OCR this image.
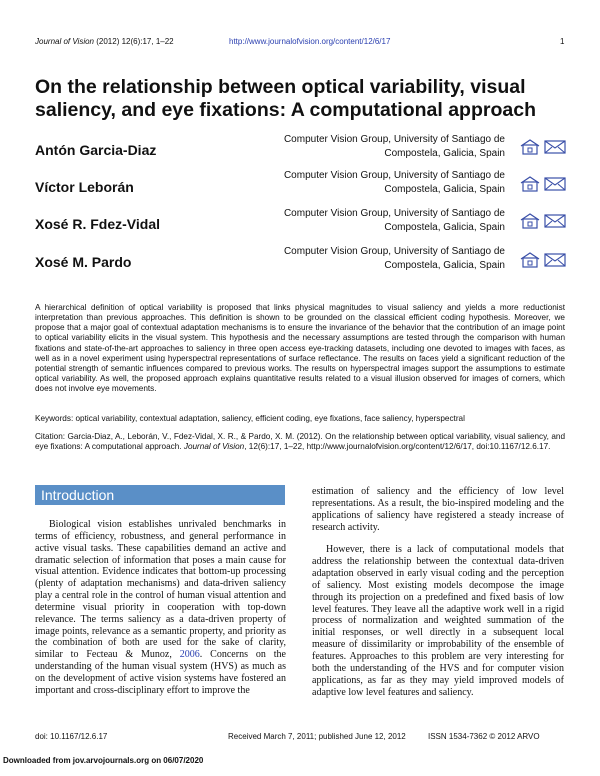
Journal of Vision (2012) 12(6):17, 1–22	http://www.journalofvision.org/content/12/6/17	1
On the relationship between optical variability, visual saliency, and eye fixations: A computational approach
Antón Garcia-Diaz
Computer Vision Group, University of Santiago de
Compostela, Galicia, Spain
Víctor Leborán
Computer Vision Group, University of Santiago de
Compostela, Galicia, Spain
Xosé R. Fdez-Vidal
Computer Vision Group, University of Santiago de
Compostela, Galicia, Spain
Xosé M. Pardo
Computer Vision Group, University of Santiago de
Compostela, Galicia, Spain
A hierarchical definition of optical variability is proposed that links physical magnitudes to visual saliency and yields a more reductionist interpretation than previous approaches. This definition is shown to be grounded on the classical efficient coding hypothesis. Moreover, we propose that a major goal of contextual adaptation mechanisms is to ensure the invariance of the behavior that the contribution of an image point to optical variability elicits in the visual system. This hypothesis and the necessary assumptions are tested through the comparison with human fixations and state-of-the-art approaches to saliency in three open access eye-tracking datasets, including one devoted to images with faces, as well as in a novel experiment using hyperspectral representations of surface reflectance. The results on faces yield a significant reduction of the potential strength of semantic influences compared to previous works. The results on hyperspectral images support the assumptions to estimate optical variability. As well, the proposed approach explains quantitative results related to a visual illusion observed for images of corners, which does not involve eye movements.
Keywords: optical variability, contextual adaptation, saliency, efficient coding, eye fixations, face saliency, hyperspectral
Citation: Garcia-Diaz, A., Leborán, V., Fdez-Vidal, X. R., & Pardo, X. M. (2012). On the relationship between optical variability, visual saliency, and eye fixations: A computational approach. Journal of Vision, 12(6):17, 1–22, http://www.journalofvision.org/content/12/6/17, doi:10.1167/12.6.17.
Introduction
Biological vision establishes unrivaled benchmarks in terms of efficiency, robustness, and general performance in active visual tasks. These capabilities demand an active and dramatic selection of information that poses a main cause for visual attention. Evidence indicates that bottom-up processing (plenty of adaptation mechanisms) and data-driven saliency play a central role in the control of human visual attention and determine visual priority in cooperation with top-down relevance. The terms saliency as a data-driven property of image points, relevance as a semantic property, and priority as the combination of both are used for the sake of clarity, similar to Fecteau & Munoz, 2006. Concerns on the understanding of the human visual system (HVS) as much as on the development of active vision systems have fostered an important and cross-disciplinary effort to improve the

estimation of saliency and the efficiency of low level representations. As a result, the bio-inspired modeling and the applications of saliency have registered a steady increase of research activity.

However, there is a lack of computational models that address the relationship between the contextual data-driven adaptation observed in early visual coding and the perception of saliency. Most existing models decompose the image through its projection on a predefined and fixed basis of low level features. They leave all the adaptive work well in a rigid process of normalization and weighted summation of the initial responses, or well directly in a subsequent local measure of dissimilarity or improbability of the ensemble of features. Approaches to this problem are very interesting for both the understanding of the HVS and for computer vision applications, as far as they may yield improved models of adaptive low level features and saliency.

doi: 10.1167/12.6.17	Received March 7, 2011; published June 12, 2012	ISSN 1534-7362 © 2012 ARVO
Downloaded from jov.arvojournals.org on 06/07/2020
